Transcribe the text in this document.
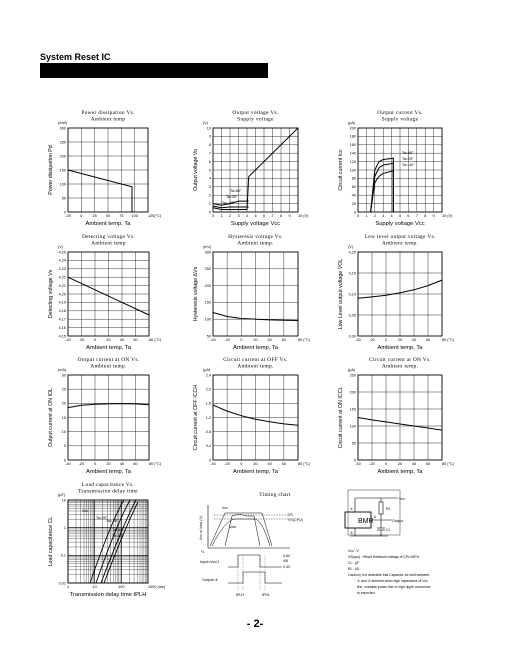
System Reset IC
Timing chart
Vcc or Vout (V)
Vcc
VS
VS(CPU)
Vout
*1
Input=Vcc/1
Output=③
4,6V
4/6
0,4V
tPLH	tPHL
BMR
Vcc
RL
Output
CL
①
②
③
Vcc : V
VS(cpu) : Reset threshold voltage of CPU,MPU
CL : µF
RL : kΩ
Caution) It is desirable that Capacitor be built between
① and ② terminal when high impedance of Vcc
line, unstable power line or high ripple occurence
to expected.
Power dissipation Vs.
Ambient temp
0
50
100
150
200
250
300
-25	0	25 50 75 100	125(°C)
(mW)
Ambient temp, Ta
Power dissipation Pd
Output voltage Vs.
Supply voltage
0
1
2
3
4
5
6
7
8
9
10
0 1 2 3 4 5 6 7 8 9 10 (V)
(V)
Supply voltage Vcc
Output voltage Vo	Ta=85°
Ta=25°
Ta=-40°
Output current Vs.
Supply voltage
0
20
40
60
80
100
120
140
160
180
200
0 1 2 3 4 5 6 7 8 9 10 (V)
(µA)
Supply voltage Vcc
Circuit current Icc	Ta=85°
Ta=25°
Ta=-40°
Detecting voltage Vs.
Ambient temp
4,15
4,16
4,17
4,18
4,19
4,20
4,21
4,22
4,23
4,24
4,25
-40 -20	0	20 40 60	80 (°C)
(V)
Ambient temp, Ta
Detecting voltage Vs
Hysteresis voltage Vs.
Ambient temp.
50
100
150
200
250
300
-40 -20	0	20	40	60	80 (°C)
(mV)
Ambient temp, Ta
Hysteresis voltage ΔVs
Low level output voltage Vs.
Ambient temp.
0,00
0,05
0,10
0,15
0,20
-40 -20	0	20	40	60	80 (°C)
(V)
Ambient temp, Ta
Low Level output voltage VOL
Output current at ON Vs.
Ambient temp.
0
5
10
15
20
25
30
-40 -20	0	20 40 60	80 (°C)
(mA)
Ambient temp, Ta
Output current at ON IOL
Circuit current at OFF Vs.
Ambient temp.
0
0,4
0,8
1,2
1,6
2,0
2,4
-40 -20	0	20	40	60	80 (°C)
(µA)
Ambient temp, Ta
Circuit current at OFF ICCH
Circuit current at ON Vs.
Ambient temp.
0
50
100
150
200
250
-40 -20	0	20	40	60	80 (°C)
(µA)
Ambient temp, Ta
Circuit current at ON ICCL
Load capacitance Vs.
Transmission delay time
0,01
0,1
1
10
1	10	100	1000 (ms)
(µF)
Transmission delay time tPLH
Load capacitance CL
Vcc
Ta=25°
Ta=-40°
Ta=85°
Ta=25°
- 2-
